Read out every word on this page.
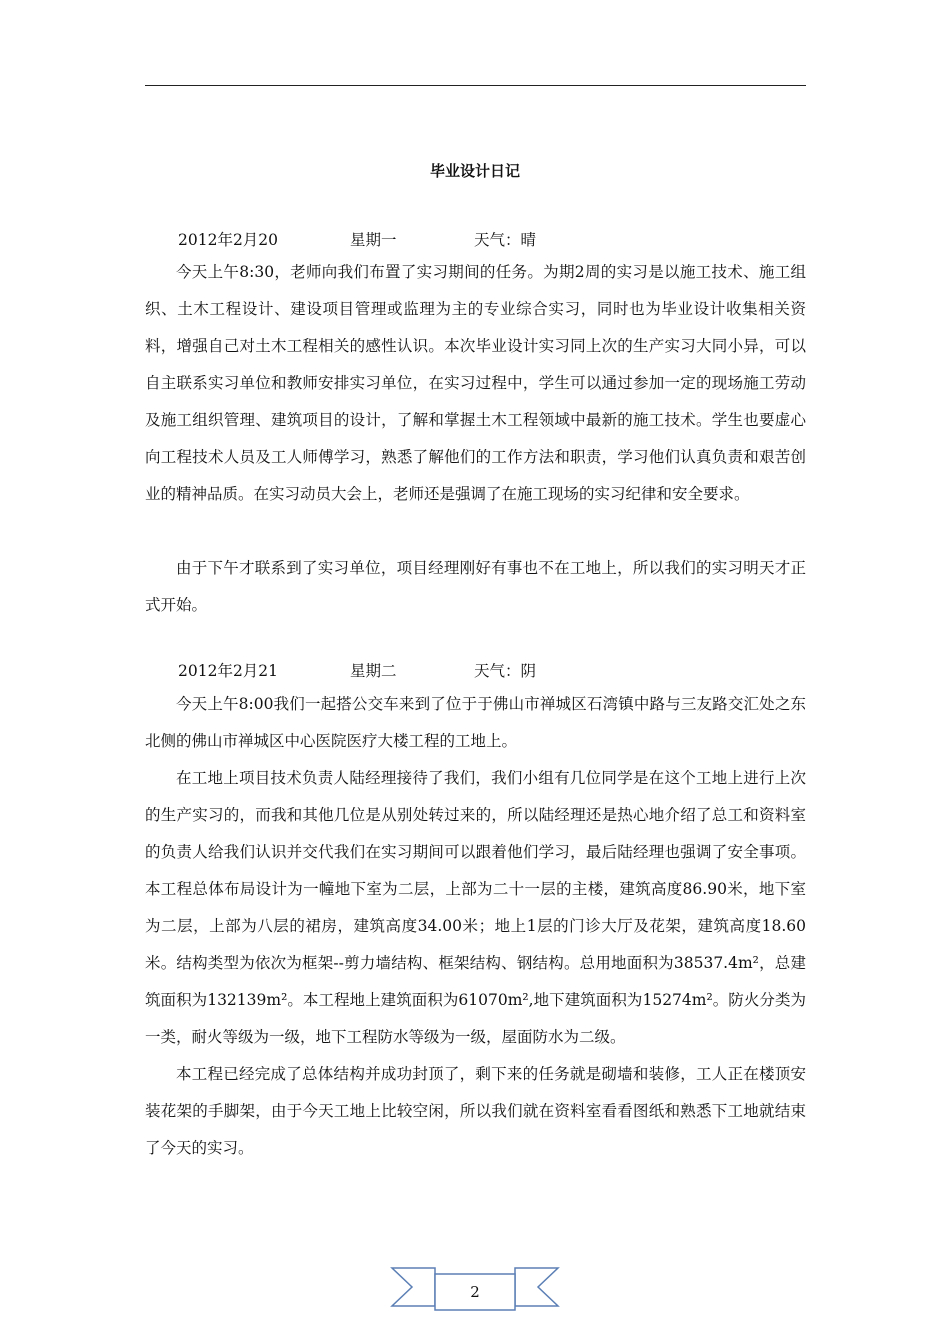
毕业设计日记
2012年2月20	星期一	天气：晴

今天上午8:30，老师向我们布置了实习期间的任务。为期2周的实习是以施工技术、施工组织、土木工程设计、建设项目管理或监理为主的专业综合实习，同时也为毕业设计收集相关资料，增强自己对土木工程相关的感性认识。本次毕业设计实习同上次的生产实习大同小异，可以自主联系实习单位和教师安排实习单位，在实习过程中，学生可以通过参加一定的现场施工劳动及施工组织管理、建筑项目的设计，了解和掌握土木工程领域中最新的施工技术。学生也要虚心向工程技术人员及工人师傅学习，熟悉了解他们的工作方法和职责，学习他们认真负责和艰苦创业的精神品质。在实习动员大会上，老师还是强调了在施工现场的实习纪律和安全要求。

由于下午才联系到了实习单位，项目经理刚好有事也不在工地上，所以我们的实习明天才正式开始。

2012年2月21	星期二	天气：阴

今天上午8:00我们一起搭公交车来到了位于于佛山市禅城区石湾镇中路与三友路交汇处之东北侧的佛山市禅城区中心医院医疗大楼工程的工地上。

在工地上项目技术负责人陆经理接待了我们，我们小组有几位同学是在这个工地上进行上次的生产实习的，而我和其他几位是从别处转过来的，所以陆经理还是热心地介绍了总工和资料室的负责人给我们认识并交代我们在实习期间可以跟着他们学习，最后陆经理也强调了安全事项。本工程总体布局设计为一幢地下室为二层，上部为二十一层的主楼，建筑高度86.90米，地下室为二层，上部为八层的裙房，建筑高度34.00米；地上1层的门诊大厅及花架，建筑高度18.60米。结构类型为依次为框架--剪力墙结构、框架结构、钢结构。总用地面积为38537.4m²，总建筑面积为132139m²。本工程地上建筑面积为61070m²,地下建筑面积为15274m²。防火分类为一类，耐火等级为一级，地下工程防水等级为一级，屋面防水为二级。

本工程已经完成了总体结构并成功封顶了，剩下来的任务就是砌墙和装修，工人正在楼顶安装花架的手脚架，由于今天工地上比较空闲，所以我们就在资料室看看图纸和熟悉下工地就结束了今天的实习。

2
